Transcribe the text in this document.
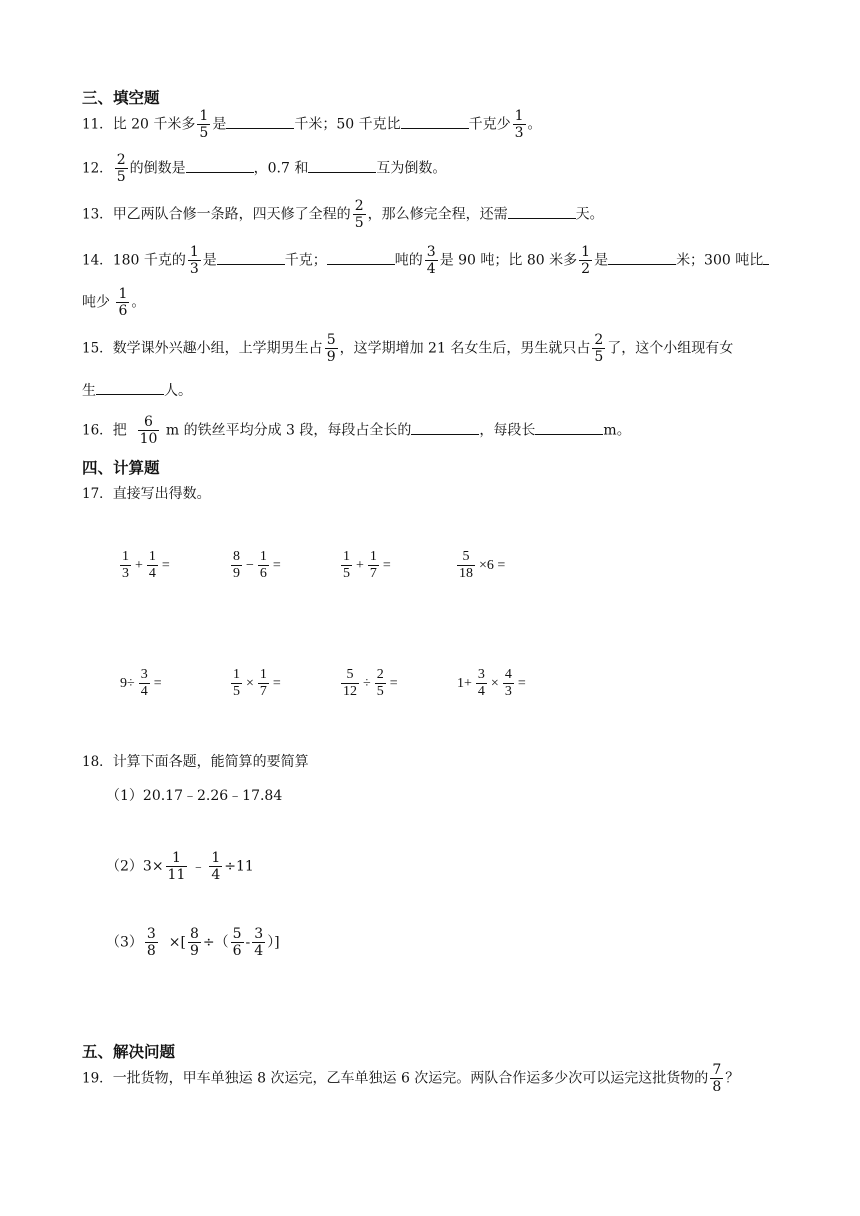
三、填空题
11．比 20 千米多 $\frac{1}{5}$ 是	千米；50 千克比	千克少 $\frac{1}{3}$ 。
12． $\frac{2}{5}$ 的倒数是	，0.7 和	互为倒数。
13．甲乙两队合修一条路，四天修了全程的 $\frac{2}{5}$ ，那么修完全程，还需	天。
14．180 千克的 $\frac{1}{3}$ 是	千克；	吨的 $\frac{3}{4}$ 是 90 吨；比 80 米多 $\frac{1}{2}$ 是	米；300 吨比
吨少 $\frac{1}{6}$ 。
15．数学课外兴趣小组，上学期男生占 $\frac{5}{9}$ ，这学期增加 21 名女生后，男生就只占 $\frac{2}{5}$ 了，这个小组现有女
生	人。
16．把 $\frac{6}{10}$ m 的铁丝平均分成 3 段，每段占全长的	，每段长	m。
四、计算题
17．直接写出得数。
$\frac{1}{3} + \frac{1}{4}$ =	$\frac{8}{9} - \frac{1}{6}$ =	$\frac{1}{5} + \frac{1}{7}$ =	$\frac{5}{18} \times 6$ =
$9\div \frac{3}{4}$ =	$\frac{1}{5} \times \frac{1}{7}$ =	$\frac{5}{12} \div \frac{2}{5}$ =	$1+ \frac{3}{4} \times \frac{4}{3}$ =
18．计算下面各题，能简算的要简算
（1）20.17﹣2.26﹣17.84
$(2)3\times \frac{1}{11}$ ﹣ $\frac{1}{4} \div 11$
$(3) \frac{3}{8}$ ×[ $\frac{8}{9}$ ÷（ $\frac{5}{6} - \frac{3}{4}$ ）]
五、解决问题
19．一批货物，甲车单独运 8 次运完，乙车单独运 6 次运完。两队合作运多少次可以运完这批货物的 $\frac{7}{8}$ ？
